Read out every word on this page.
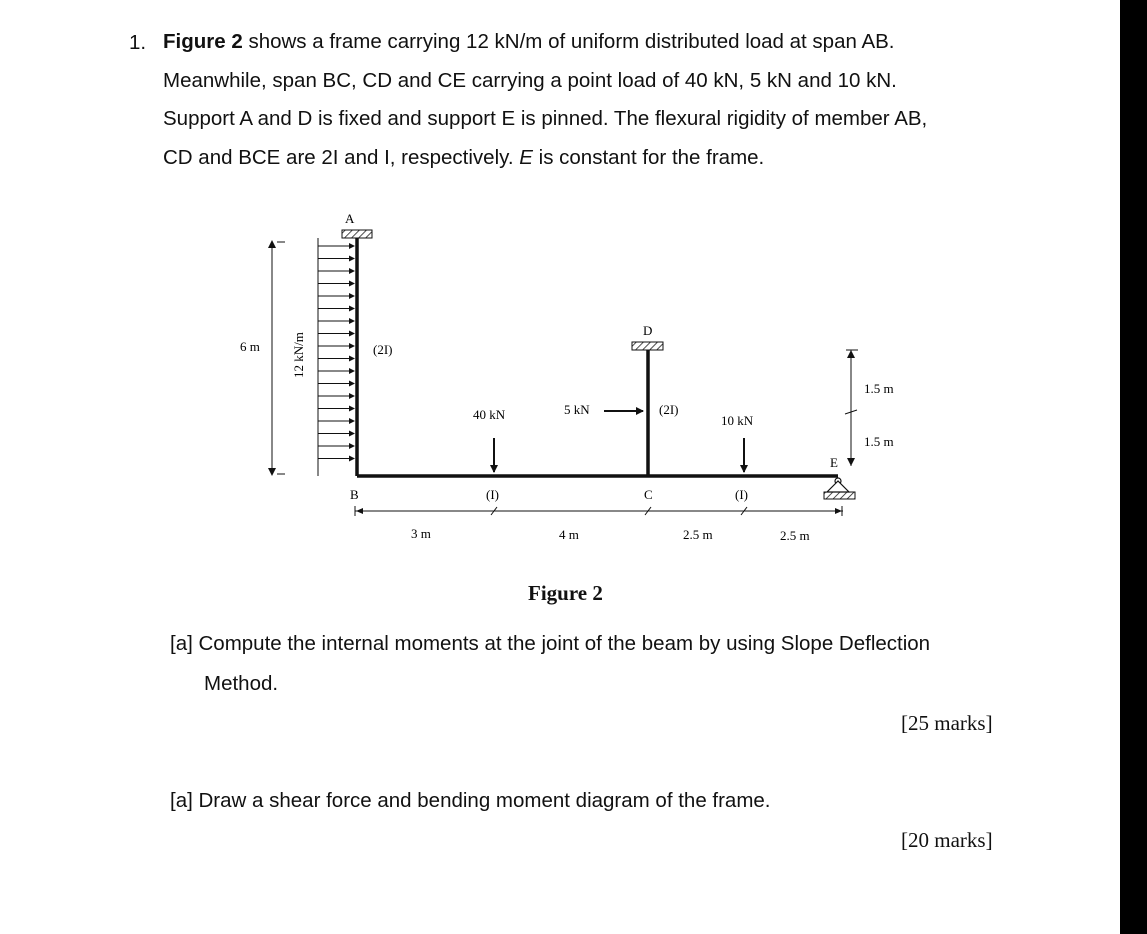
1. Figure 2 shows a frame carrying 12 kN/m of uniform distributed load at span AB.
Meanwhile, span BC, CD and CE carrying a point load of 40 kN, 5 kN and 10 kN.
Support A and D is fixed and support E is pinned. The flexural rigidity of member AB,
CD and BCE are 2I and I, respectively. E is constant for the frame.
A
12 kN/m
6 m	(2I)
D
(2I)
5 kN
40 kN	10 kN
E
1.5 m
1.5 m
B	(I)	C	(I)
3 m	4 m	2.5 m	2.5 m
Figure 2
[a] Compute the internal moments at the joint of the beam by using Slope Deflection
Method.
[25 marks]
[a] Draw a shear force and bending moment diagram of the frame.
[20 marks]
